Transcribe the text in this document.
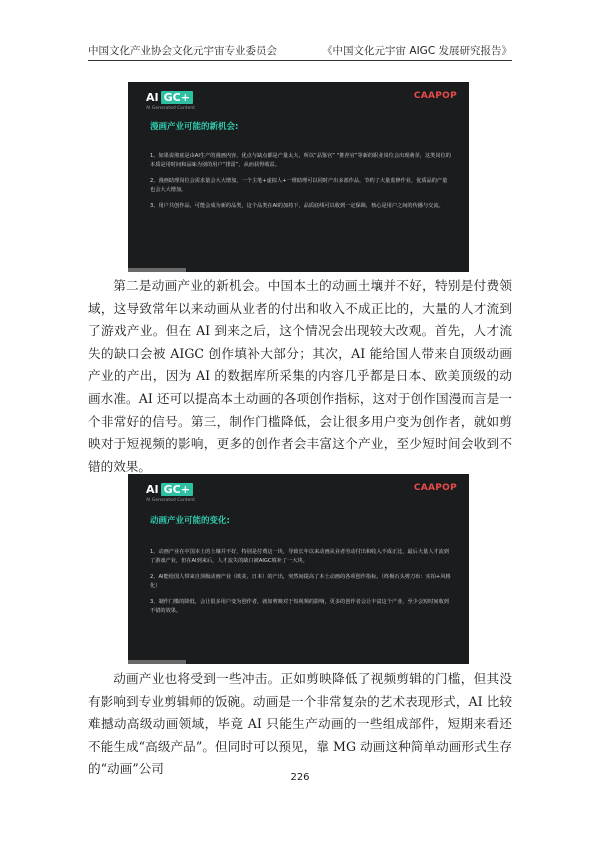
中国文化产业协会文化元宇宙专业委员会	《中国文化元宇宙 AIGC 发展研究报告》
AI GC+
AI Generated Content
CAAPOP
漫画产业可能的新机会:
1、如果说彻底是由AI生产的漫画内容，优点与缺点都是产量太大，所以“品鉴官” “推荐官”等新的职业岗位会出现萌芽，这类岗位的本质是用时间和品味为别的用户“排雷”，从而获得收益。
2、漫画助理岗位会需求量会大大增加，一个主笔+虚拟人+一堆助理可以同时产出多部作品，节约了大量监修作业，优质品的产量也会大大增加。
3、用户共创作品，可能会成为新的品类，这个品类在AI的加持下，品质底线可以收到一定保障，核心是用户之间的传播与交流。
第二是动画产业的新机会。中国本土的动画土壤并不好，特别是付费领域，这导致常年以来动画从业者的付出和收入不成正比的，大量的人才流到了游戏产业。但在 AI 到来之后，这个情况会出现较大改观。首先，人才流失的缺口会被 AIGC 创作填补大部分；其次，AI 能给国人带来自顶级动画产业的产出，因为 AI 的数据库所采集的内容几乎都是日本、欧美顶级的动画水准。AI 还可以提高本土动画的各项创作指标，这对于创作国漫而言是一个非常好的信号。第三，制作门槛降低，会让很多用户变为创作者，就如剪映对于短视频的影响，更多的创作者会丰富这个产业，至少短时间会收到不错的效果。
AI GC+
AI Generated Content
CAAPOP
动画产业可能的变化:
1、动画产业在中国本土的土壤并不好，特别是付费这一块，导致长年以来动画从业者劳动付出和收入不成正比，最后大量人才流到了游戏产业，但在AI到来后，人才流失的缺口被AIGC填补了一大块。
2、AI能给国人带来自顶级动画产业（欧美、日本）的产出，突然间提高了本土动画的各项创作指标。（终极石头剪刀布：实拍+风格化）
3、制作门槛的降低，会让很多用户变为创作者，就如剪映对于短视频的影响，更多的创作者会让丰富这个产业，至少会短时间收到不错的效果。
动画产业也将受到一些冲击。正如剪映降低了视频剪辑的门槛，但其没有影响到专业剪辑师的饭碗。动画是一个非常复杂的艺术表现形式，AI 比较难撼动高级动画领域，毕竟 AI 只能生产动画的一些组成部件，短期来看还不能生成“高级产品”。但同时可以预见，靠 MG 动画这种简单动画形式生存的“动画”公司
226
